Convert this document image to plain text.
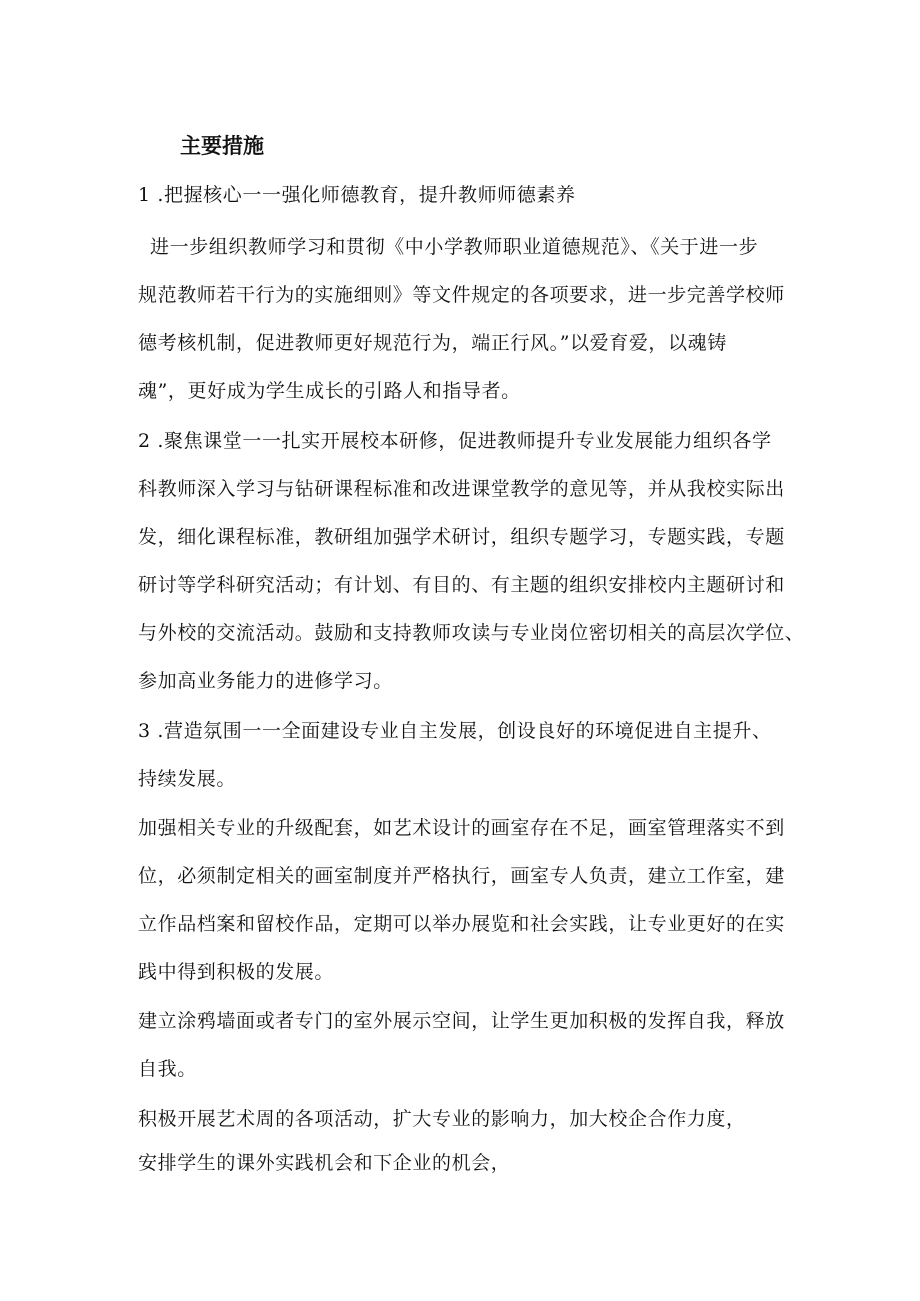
主要措施
1 .把握核心一一强化师德教育，提升教师师德素养
进一步组织教师学习和贯彻《中小学教师职业道德规范》、《关于进一步
规范教师若干行为的实施细则》等文件规定的各项要求，进一步完善学校师
德考核机制，促进教师更好规范行为，端正行风。”以爱育爱，以魂铸
魂”，更好成为学生成长的引路人和指导者。
2 .聚焦课堂一一扎实开展校本研修，促进教师提升专业发展能力组织各学
科教师深入学习与钻研课程标准和改进课堂教学的意见等，并从我校实际出
发，细化课程标准，教研组加强学术研讨，组织专题学习，专题实践，专题
研讨等学科研究活动；有计划、有目的、有主题的组织安排校内主题研讨和
与外校的交流活动。鼓励和支持教师攻读与专业岗位密切相关的高层次学位、
参加高业务能力的进修学习。
3 .营造氛围一一全面建设专业自主发展，创设良好的环境促进自主提升、
持续发展。
加强相关专业的升级配套，如艺术设计的画室存在不足，画室管理落实不到
位，必须制定相关的画室制度并严格执行，画室专人负责，建立工作室，建
立作品档案和留校作品，定期可以举办展览和社会实践，让专业更好的在实
践中得到积极的发展。
建立涂鸦墙面或者专门的室外展示空间，让学生更加积极的发挥自我，释放
自我。
积极开展艺术周的各项活动，扩大专业的影响力，加大校企合作力度，
安排学生的课外实践机会和下企业的机会，
